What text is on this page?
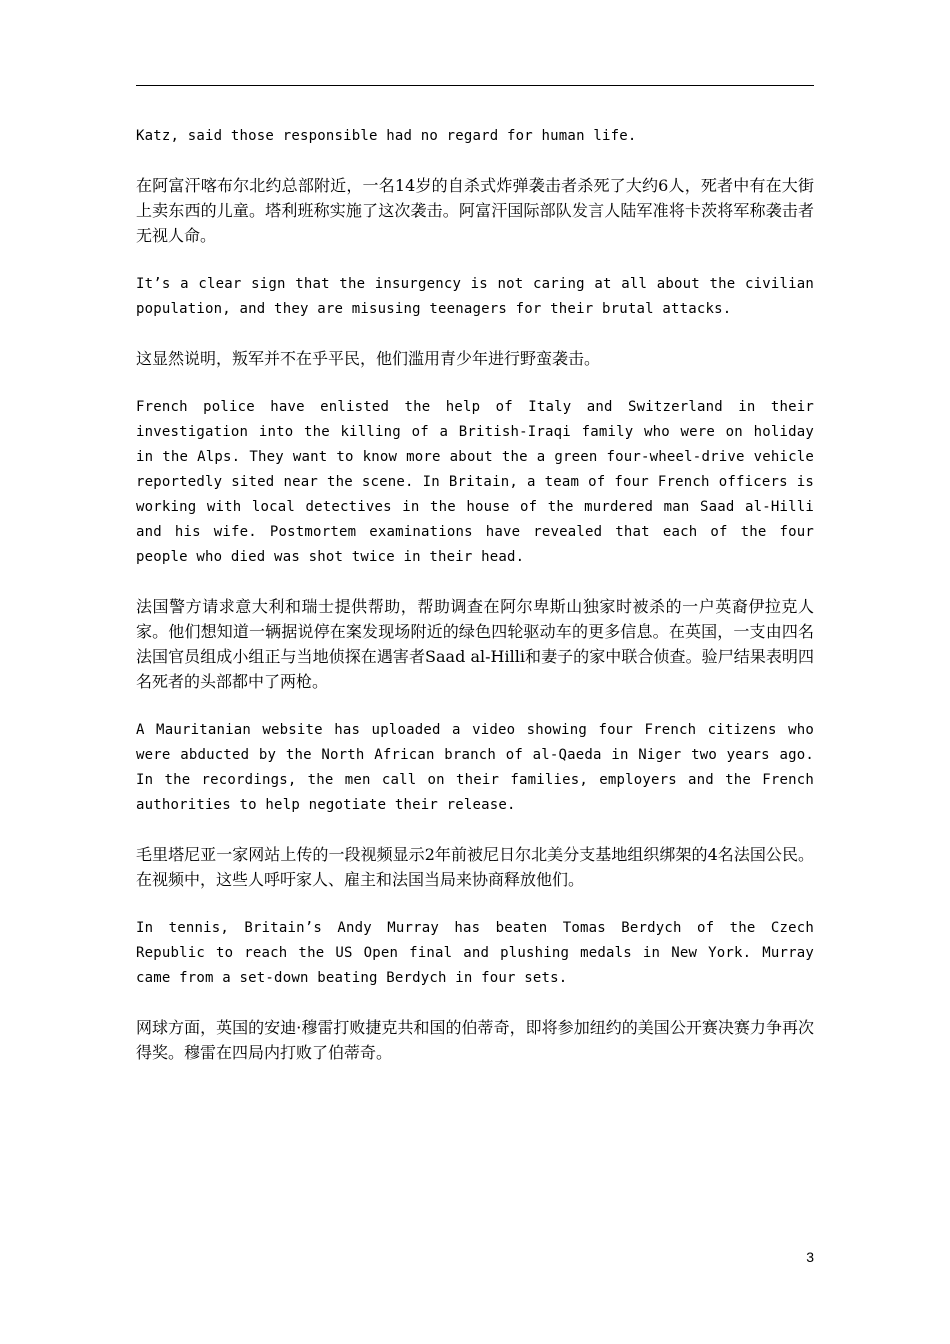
Katz, said those responsible had no regard for human life.

在阿富汗喀布尔北约总部附近，一名14岁的自杀式炸弹袭击者杀死了大约6人，死者中有在大街上卖东西的儿童。塔利班称实施了这次袭击。阿富汗国际部队发言人陆军准将卡茨将军称袭击者无视人命。

It’s a clear sign that the insurgency is not caring at all about the civilian population, and they are misusing teenagers for their brutal attacks.

这显然说明，叛军并不在乎平民，他们滥用青少年进行野蛮袭击。

French police have enlisted the help of Italy and Switzerland in their investigation into the killing of a British-Iraqi family who were on holiday in the Alps. They want to know more about the a green four-wheel-drive vehicle reportedly sited near the scene. In Britain, a team of four French officers is working with local detectives in the house of the murdered man Saad al-Hilli and his wife. Postmortem examinations have revealed that each of the four people who died was shot twice in their head.

法国警方请求意大利和瑞士提供帮助，帮助调查在阿尔卑斯山独家时被杀的一户英裔伊拉克人家。他们想知道一辆据说停在案发现场附近的绿色四轮驱动车的更多信息。在英国，一支由四名法国官员组成小组正与当地侦探在遇害者Saad al-Hilli和妻子的家中联合侦查。验尸结果表明四名死者的头部都中了两枪。

A Mauritanian website has uploaded a video showing four French citizens who were abducted by the North African branch of al-Qaeda in Niger two years ago. In the recordings, the men call on their families, employers and the French authorities to help negotiate their release.

毛里塔尼亚一家网站上传的一段视频显示2年前被尼日尔北美分支基地组织绑架的4名法国公民。在视频中，这些人呼吁家人、雇主和法国当局来协商释放他们。

In tennis, Britain’s Andy Murray has beaten Tomas Berdych of the Czech Republic to reach the US Open final and plushing medals in New York. Murray came from a set-down beating Berdych in four sets.

网球方面，英国的安迪·穆雷打败捷克共和国的伯蒂奇，即将参加纽约的美国公开赛决赛力争再次得奖。穆雷在四局内打败了伯蒂奇。

3
